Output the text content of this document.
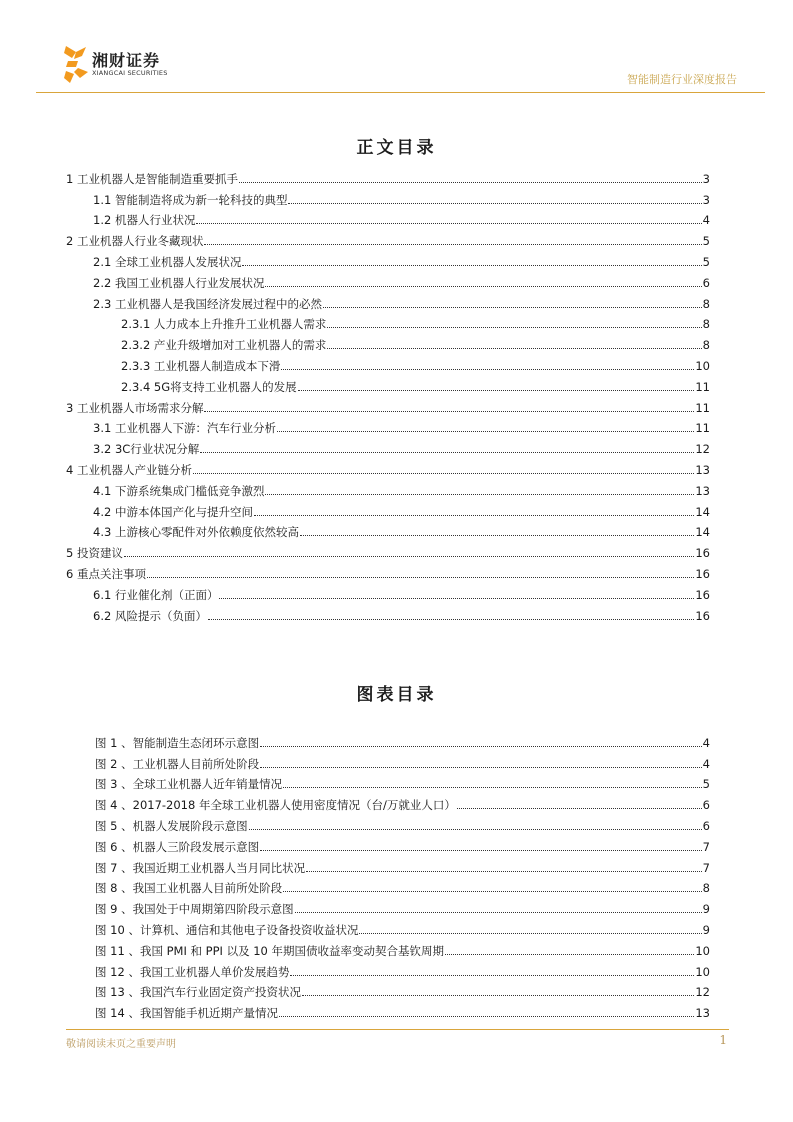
湘财证券
XIANGCAI SECURITIES	智能制造行业深度报告
正文目录
1 工业机器人是智能制造重要抓手	3
1.1 智能制造将成为新一轮科技的典型	3
1.2 机器人行业状况	4
2 工业机器人行业冬藏现状	5
2.1 全球工业机器人发展状况	5
2.2 我国工业机器人行业发展状况	6
2.3 工业机器人是我国经济发展过程中的必然	8
2.3.1 人力成本上升推升工业机器人需求	8
2.3.2 产业升级增加对工业机器人的需求	8
2.3.3 工业机器人制造成本下滑	10
2.3.4 5G将支持工业机器人的发展	11
3 工业机器人市场需求分解	11
3.1 工业机器人下游：汽车行业分析	11
3.2 3C行业状况分解	12
4 工业机器人产业链分析	13
4.1 下游系统集成门槛低竞争激烈	13
4.2 中游本体国产化与提升空间	14
4.3 上游核心零配件对外依赖度依然较高	14
5 投资建议	16
6 重点关注事项	16
6.1 行业催化剂（正面）	16
6.2 风险提示（负面）	16
图表目录
图 1 、智能制造生态闭环示意图	4
图 2 、工业机器人目前所处阶段	4
图 3 、全球工业机器人近年销量情况	5
图 4 、2017-2018 年全球工业机器人使用密度情况（台/万就业人口）	6
图 5 、机器人发展阶段示意图	6
图 6 、机器人三阶段发展示意图	7
图 7 、我国近期工业机器人当月同比状况	7
图 8 、我国工业机器人目前所处阶段	8
图 9 、我国处于中周期第四阶段示意图	9
图 10 、计算机、通信和其他电子设备投资收益状况	9
图 11 、我国 PMI 和 PPI 以及 10 年期国债收益率变动契合基钦周期	10
图 12 、我国工业机器人单价发展趋势	10
图 13 、我国汽车行业固定资产投资状况	12
图 14 、我国智能手机近期产量情况	13
敬请阅读末页之重要声明	1
